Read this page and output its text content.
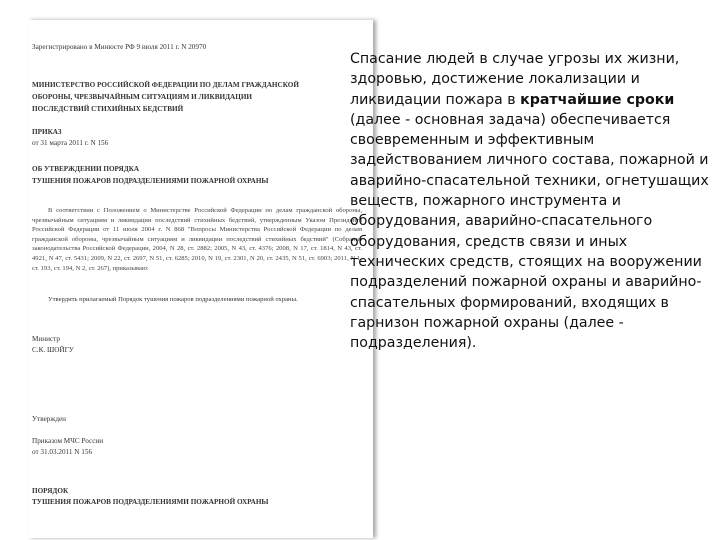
Зарегистрировано в Минюсте РФ 9 июля 2011 г. N 20970
МИНИСТЕРСТВО РОССИЙСКОЙ ФЕДЕРАЦИИ ПО ДЕЛАМ ГРАЖДАНСКОЙ
ОБОРОНЫ, ЧРЕЗВЫЧАЙНЫМ СИТУАЦИЯМ И ЛИКВИДАЦИИ
ПОСЛЕДСТВИЙ СТИХИЙНЫХ БЕДСТВИЙ
ПРИКАЗ
от 31 марта 2011 г. N 156
ОБ УТВЕРЖДЕНИИ ПОРЯДКА
ТУШЕНИЯ ПОЖАРОВ ПОДРАЗДЕЛЕНИЯМИ ПОЖАРНОЙ ОХРАНЫ
В соответствии с Положением о Министерстве Российской Федерации по делам гражданской обороны, чрезвычайным ситуациям и ликвидации последствий стихийных бедствий, утвержденным Указом Президента Российской Федерации от 11 июля 2004 г. N 868 "Вопросы Министерства Российской Федерации по делам гражданской обороны, чрезвычайным ситуациям и ликвидации последствий стихийных бедствий" (Собрание законодательства Российской Федерации, 2004, N 28, ст. 2882; 2005, N 43, ст. 4376; 2008, N 17, ст. 1814, N 43, ст. 4921, N 47, ст. 5431; 2009, N 22, ст. 2697, N 51, ст. 6285; 2010, N 19, ст. 2301, N 20, ст. 2435, N 51, ст. 6903; 2011, N 1, ст. 193, ст. 194, N 2, ст. 267), приказываю:
Утвердить прилагаемый Порядок тушения пожаров подразделениями пожарной охраны.
Министр
С.К. ШОЙГУ
Утвержден
Приказом МЧС России
от 31.03.2011 N 156
ПОРЯДОК
ТУШЕНИЯ ПОЖАРОВ ПОДРАЗДЕЛЕНИЯМИ ПОЖАРНОЙ ОХРАНЫ
Спасание людей в случае угрозы их жизни,
здоровью, достижение локализации и
ликвидации пожара в кратчайшие сроки
(далее - основная задача) обеспечивается
своевременным и эффективным
задействованием личного состава, пожарной и
аварийно-спасательной техники, огнетушащих
веществ, пожарного инструмента и
оборудования, аварийно-спасательного
оборудования, средств связи и иных
технических средств, стоящих на вооружении
подразделений пожарной охраны и аварийно-
спасательных формирований, входящих в
гарнизон пожарной охраны (далее -
подразделения).
